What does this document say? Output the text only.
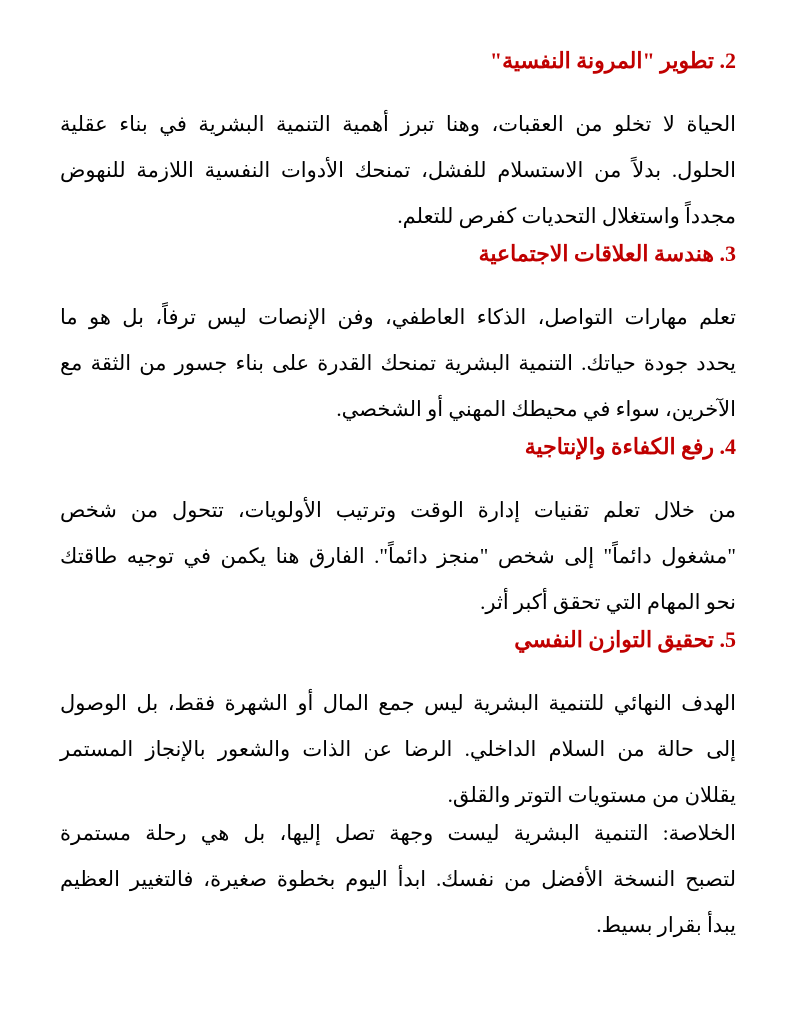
2. تطوير "المرونة النفسية"
الحياة لا تخلو من العقبات، وهنا تبرز أهمية التنمية البشرية في بناء عقلية
الحلول. بدلاً من الاستسلام للفشل، تمنحك الأدوات النفسية اللازمة للنهوض
مجدداً واستغلال التحديات كفرص للتعلم.
3. هندسة العلاقات الاجتماعية
تعلم مهارات التواصل، الذكاء العاطفي، وفن الإنصات ليس ترفاً، بل هو ما
يحدد جودة حياتك. التنمية البشرية تمنحك القدرة على بناء جسور من الثقة مع
الآخرين، سواء في محيطك المهني أو الشخصي.
4. رفع الكفاءة والإنتاجية
من خلال تعلم تقنيات إدارة الوقت وترتيب الأولويات، تتحول من شخص
"مشغول دائماً" إلى شخص "منجز دائماً". الفارق هنا يكمن في توجيه طاقتك
نحو المهام التي تحقق أكبر أثر.
5. تحقيق التوازن النفسي
الهدف النهائي للتنمية البشرية ليس جمع المال أو الشهرة فقط، بل الوصول
إلى حالة من السلام الداخلي. الرضا عن الذات والشعور بالإنجاز المستمر
يقللان من مستويات التوتر والقلق.
الخلاصة: التنمية البشرية ليست وجهة تصل إليها، بل هي رحلة مستمرة
لتصبح النسخة الأفضل من نفسك. ابدأ اليوم بخطوة صغيرة، فالتغيير العظيم
يبدأ بقرار بسيط.
